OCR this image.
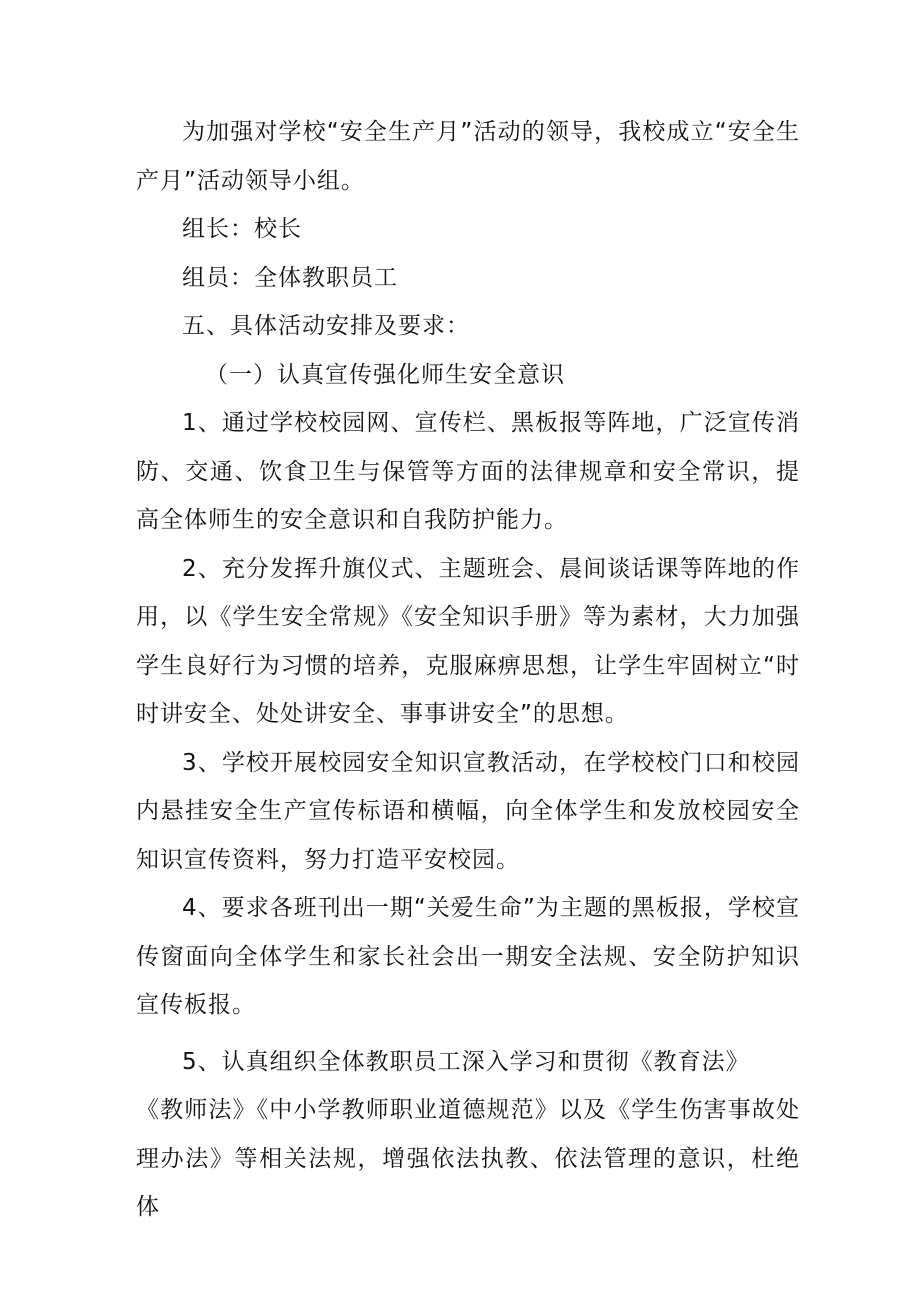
为加强对学校“安全生产月”活动的领导，我校成立“安全生产月”活动领导小组。

组长：校长

组员：全体教职员工

五、具体活动安排及要求：

（一）认真宣传强化师生安全意识

1、通过学校校园网、宣传栏、黑板报等阵地，广泛宣传消防、交通、饮食卫生与保管等方面的法律规章和安全常识，提高全体师生的安全意识和自我防护能力。

2、充分发挥升旗仪式、主题班会、晨间谈话课等阵地的作用，以《学生安全常规》《安全知识手册》等为素材，大力加强学生良好行为习惯的培养，克服麻痹思想，让学生牢固树立“时时讲安全、处处讲安全、事事讲安全”的思想。

3、学校开展校园安全知识宣教活动，在学校校门口和校园内悬挂安全生产宣传标语和横幅，向全体学生和发放校园安全知识宣传资料，努力打造平安校园。

4、要求各班刊出一期“关爱生命”为主题的黑板报，学校宣传窗面向全体学生和家长社会出一期安全法规、安全防护知识宣传板报。

5、认真组织全体教职员工深入学习和贯彻《教育法》

《教师法》《中小学教师职业道德规范》以及《学生伤害事故处理办法》等相关法规，增强依法执教、依法管理的意识，杜绝体
